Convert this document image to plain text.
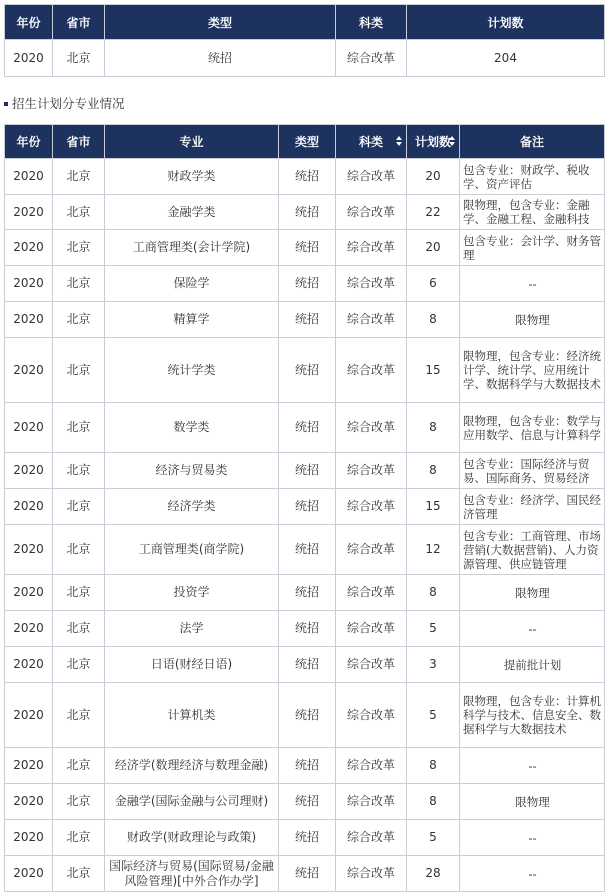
年份	省市	类型	科类	计划数
2020	北京	统招	综合改革	204
招生计划分专业情况
年份	省市	专业	类型	科类	计划数	备注
2020	北京	财政学类	统招	综合改革	20	包含专业：财政学、税收学、资产评估
2020	北京	金融学类	统招	综合改革	22	限物理，包含专业：金融学、金融工程、金融科技
2020	北京	工商管理类(会计学院)	统招	综合改革	20	包含专业：会计学、财务管理
2020	北京	保险学	统招	综合改革	6	--
2020	北京	精算学	统招	综合改革	8	限物理
2020	北京	统计学类	统招	综合改革	15	限物理，包含专业：经济统计学、统计学、应用统计学、数据科学与大数据技术
2020	北京	数学类	统招	综合改革	8	限物理，包含专业：数学与应用数学、信息与计算科学
2020	北京	经济与贸易类	统招	综合改革	8	包含专业：国际经济与贸易、国际商务、贸易经济
2020	北京	经济学类	统招	综合改革	15	包含专业：经济学、国民经济管理
2020	北京	工商管理类(商学院)	统招	综合改革	12	包含专业：工商管理、市场营销(大数据营销)、人力资源管理、供应链管理
2020	北京	投资学	统招	综合改革	8	限物理
2020	北京	法学	统招	综合改革	5	--
2020	北京	日语(财经日语)	统招	综合改革	3	提前批计划
2020	北京	计算机类	统招	综合改革	5	限物理，包含专业：计算机科学与技术、信息安全、数据科学与大数据技术
2020	北京	经济学(数理经济与数理金融)	统招	综合改革	8	--
2020	北京	金融学(国际金融与公司理财)	统招	综合改革	8	限物理
2020	北京	财政学(财政理论与政策)	统招	综合改革	5	--
2020	北京	国际经济与贸易(国际贸易/金融风险管理)[中外合作办学]	统招	综合改革	28	--
